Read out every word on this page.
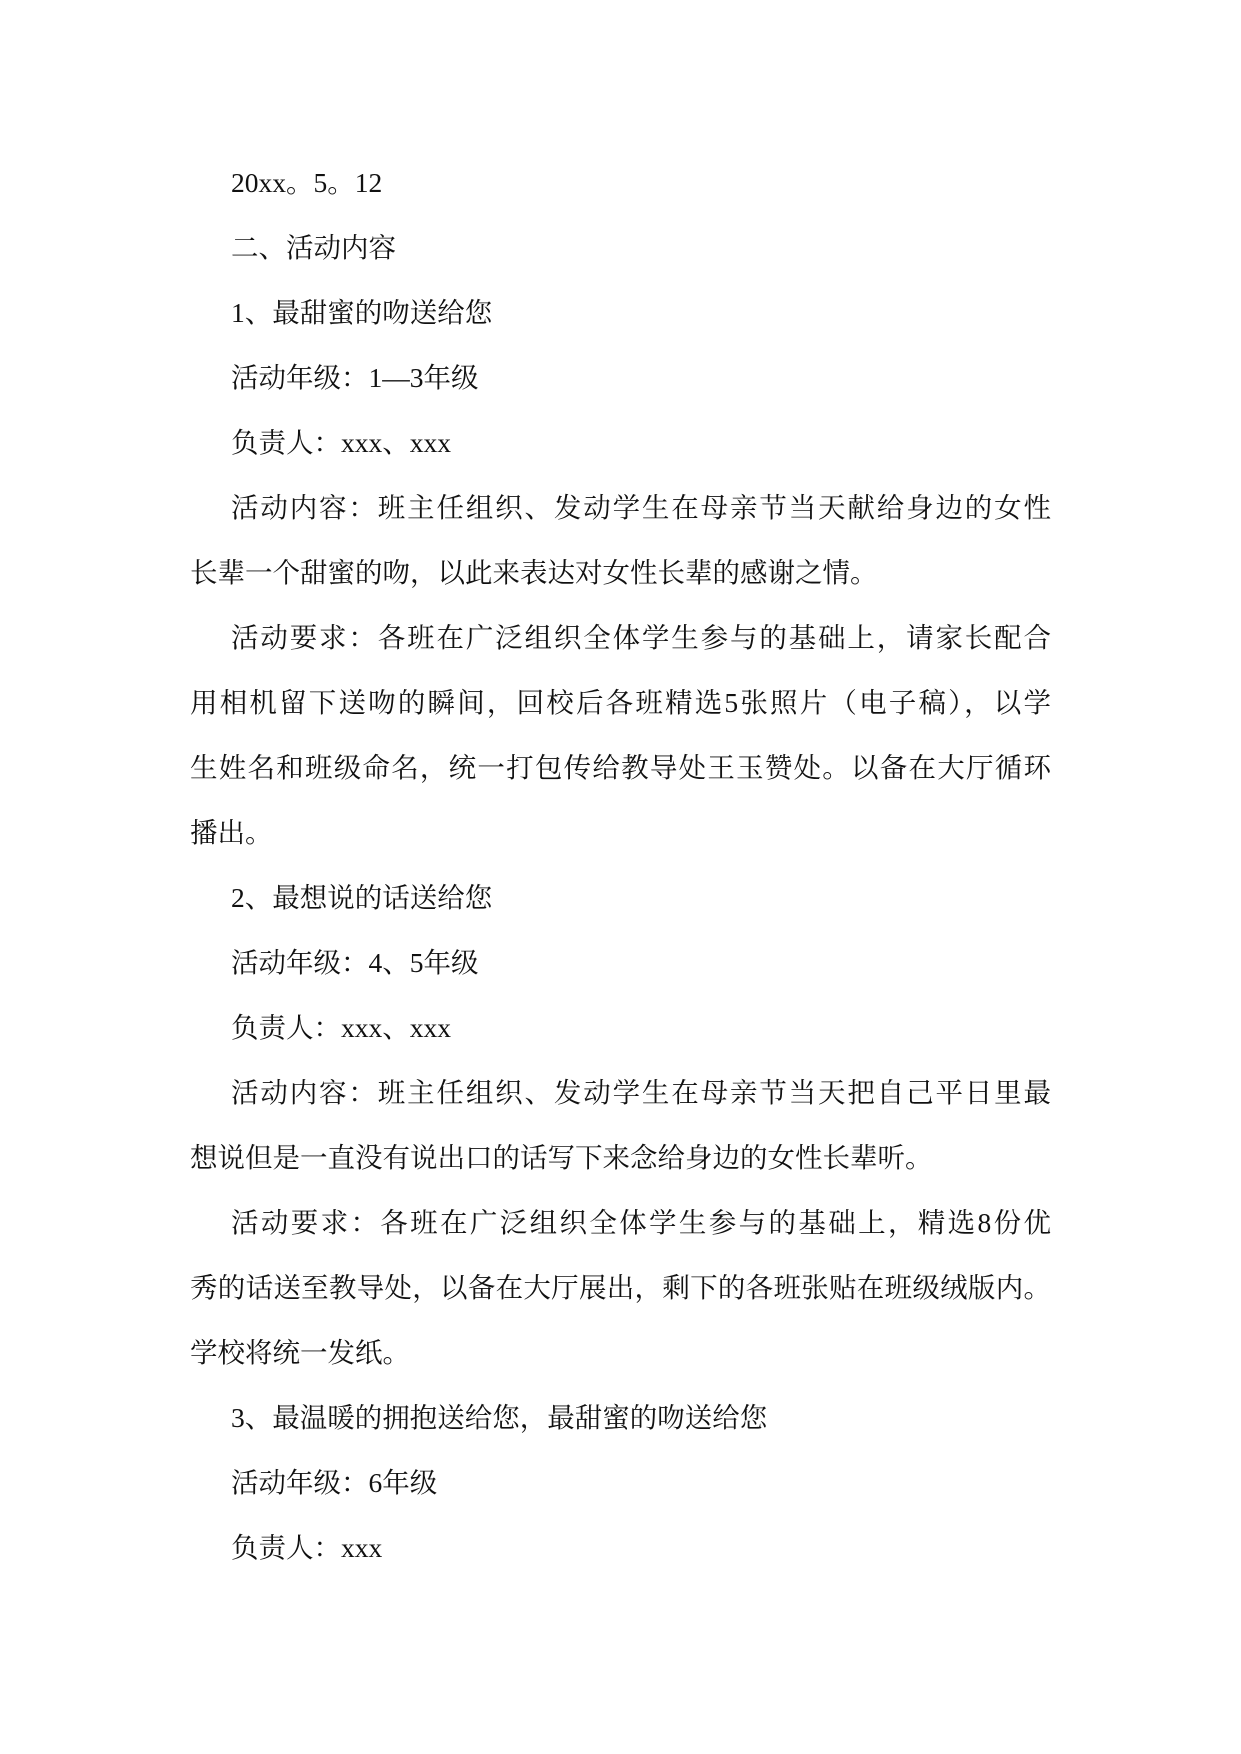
20xx。5。12

二、活动内容

1、最甜蜜的吻送给您

活动年级：1—3年级

负责人：xxx、xxx

活动内容：班主任组织、发动学生在母亲节当天献给身边的女性
长辈一个甜蜜的吻，以此来表达对女性长辈的感谢之情。

活动要求：各班在广泛组织全体学生参与的基础上，请家长配合
用相机留下送吻的瞬间，回校后各班精选5张照片（电子稿），以学
生姓名和班级命名，统一打包传给教导处王玉赞处。以备在大厅循环
播出。

2、最想说的话送给您

活动年级：4、5年级

负责人：xxx、xxx

活动内容：班主任组织、发动学生在母亲节当天把自己平日里最
想说但是一直没有说出口的话写下来念给身边的女性长辈听。

活动要求：各班在广泛组织全体学生参与的基础上，精选8份优
秀的话送至教导处，以备在大厅展出，剩下的各班张贴在班级绒版内。
学校将统一发纸。

3、最温暖的拥抱送给您，最甜蜜的吻送给您

活动年级：6年级

负责人：xxx
